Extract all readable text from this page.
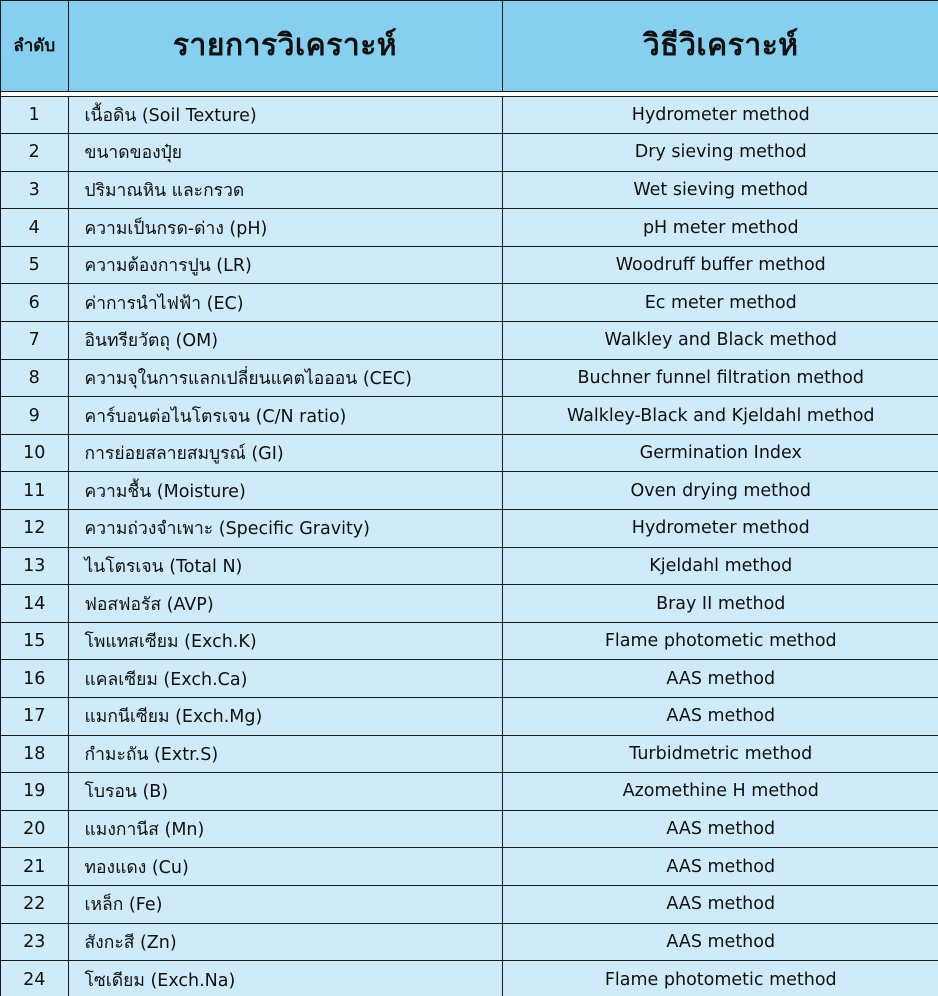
ลำดับ	รายการวิเคราะห์	วิธีวิเคราะห์

1	เนื้อดิน (Soil Texture)	Hydrometer method
2	ขนาดของปุ๋ย	Dry sieving method
3	ปริมาณหิน และกรวด	Wet sieving method
4	ความเป็นกรด-ด่าง (pH)	pH meter method
5	ความต้องการปูน (LR)	Woodruff buffer method
6	ค่าการนำไฟฟ้า (EC)	Ec meter method
7	อินทรียวัตถุ (OM)	Walkley and Black method
8	ความจุในการแลกเปลี่ยนแคตไอออน (CEC)	Buchner funnel filtration method
9	คาร์บอนต่อไนโตรเจน (C/N ratio)	Walkley-Black and Kjeldahl method
10	การย่อยสลายสมบูรณ์ (GI)	Germination Index
11	ความชื้น (Moisture)	Oven drying method
12	ความถ่วงจำเพาะ (Specific Gravity)	Hydrometer method
13	ไนโตรเจน (Total N)	Kjeldahl method
14	ฟอสฟอรัส (AVP)	Bray II method
15	โพแทสเซียม (Exch.K)	Flame photometic method
16	แคลเซียม (Exch.Ca)	AAS method
17	แมกนีเซียม (Exch.Mg)	AAS method
18	กำมะถัน (Extr.S)	Turbidmetric method
19	โบรอน (B)	Azomethine H method
20	แมงกานีส (Mn)	AAS method
21	ทองแดง (Cu)	AAS method
22	เหล็ก (Fe)	AAS method
23	สังกะสี (Zn)	AAS method
24	โซเดียม (Exch.Na)	Flame photometic method
